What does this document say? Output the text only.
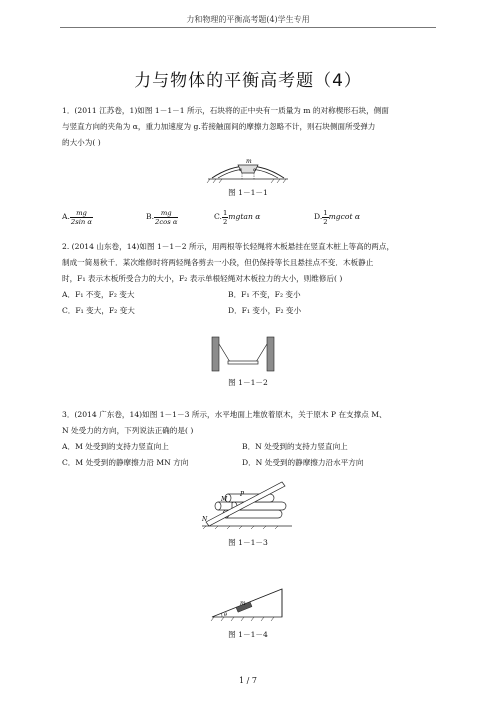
力和物理的平衡高考题(4)学生专用
力与物体的平衡高考题（4）
1．(2011 江苏卷，1)如图 1－1－1 所示，石块将的正中央有一质量为 m 的对称楔形石块，侧面
与竖直方向的夹角为 α，重力加速度为 g.若接触面间的摩擦力忽略不计，则石块侧面所受弹力
的大小为( )
m
α α
图 1－1－1
A. $\frac{mg}{\text{2sin α}}$	B. $\frac{mg}{\text{2cos α}}$	C. $\frac{1}{2}$ mgtan α	D. $\frac{1}{2}$ mgcot α
2. (2014 山东卷，14)如图 1－1－2 所示，用两根等长轻绳将木板悬挂在竖直木桩上等高的两点，
制成一简易秋千．某次维修时将两轻绳各剪去一小段，但仍保持等长且悬挂点不变．木板静止
时，F₁ 表示木板所受合力的大小，F₂ 表示单根轻绳对木板拉力的大小，则维修后( )
A．F₁ 不变，F₂ 变大	B．F₁ 不变，F₂ 变小
C．F₁ 变大，F₂ 变大	D．F₁ 变小，F₂ 变小
图 1－1－2
3．(2014 广东卷，14)如图 1－1－3 所示，水平地面上堆放着原木，关于原木 P 在支撑点 M、
N 处受力的方向，下列说法正确的是( )
A．M 处受到的支持力竖直向上	B．N 处受到的支持力竖直向上
C．M 处受到的静摩擦力沿 MN 方向	D．N 处受到的静摩擦力沿水平方向
P
M
N
图 1－1－3
m
θ
图 1－1－4
1 / 7
